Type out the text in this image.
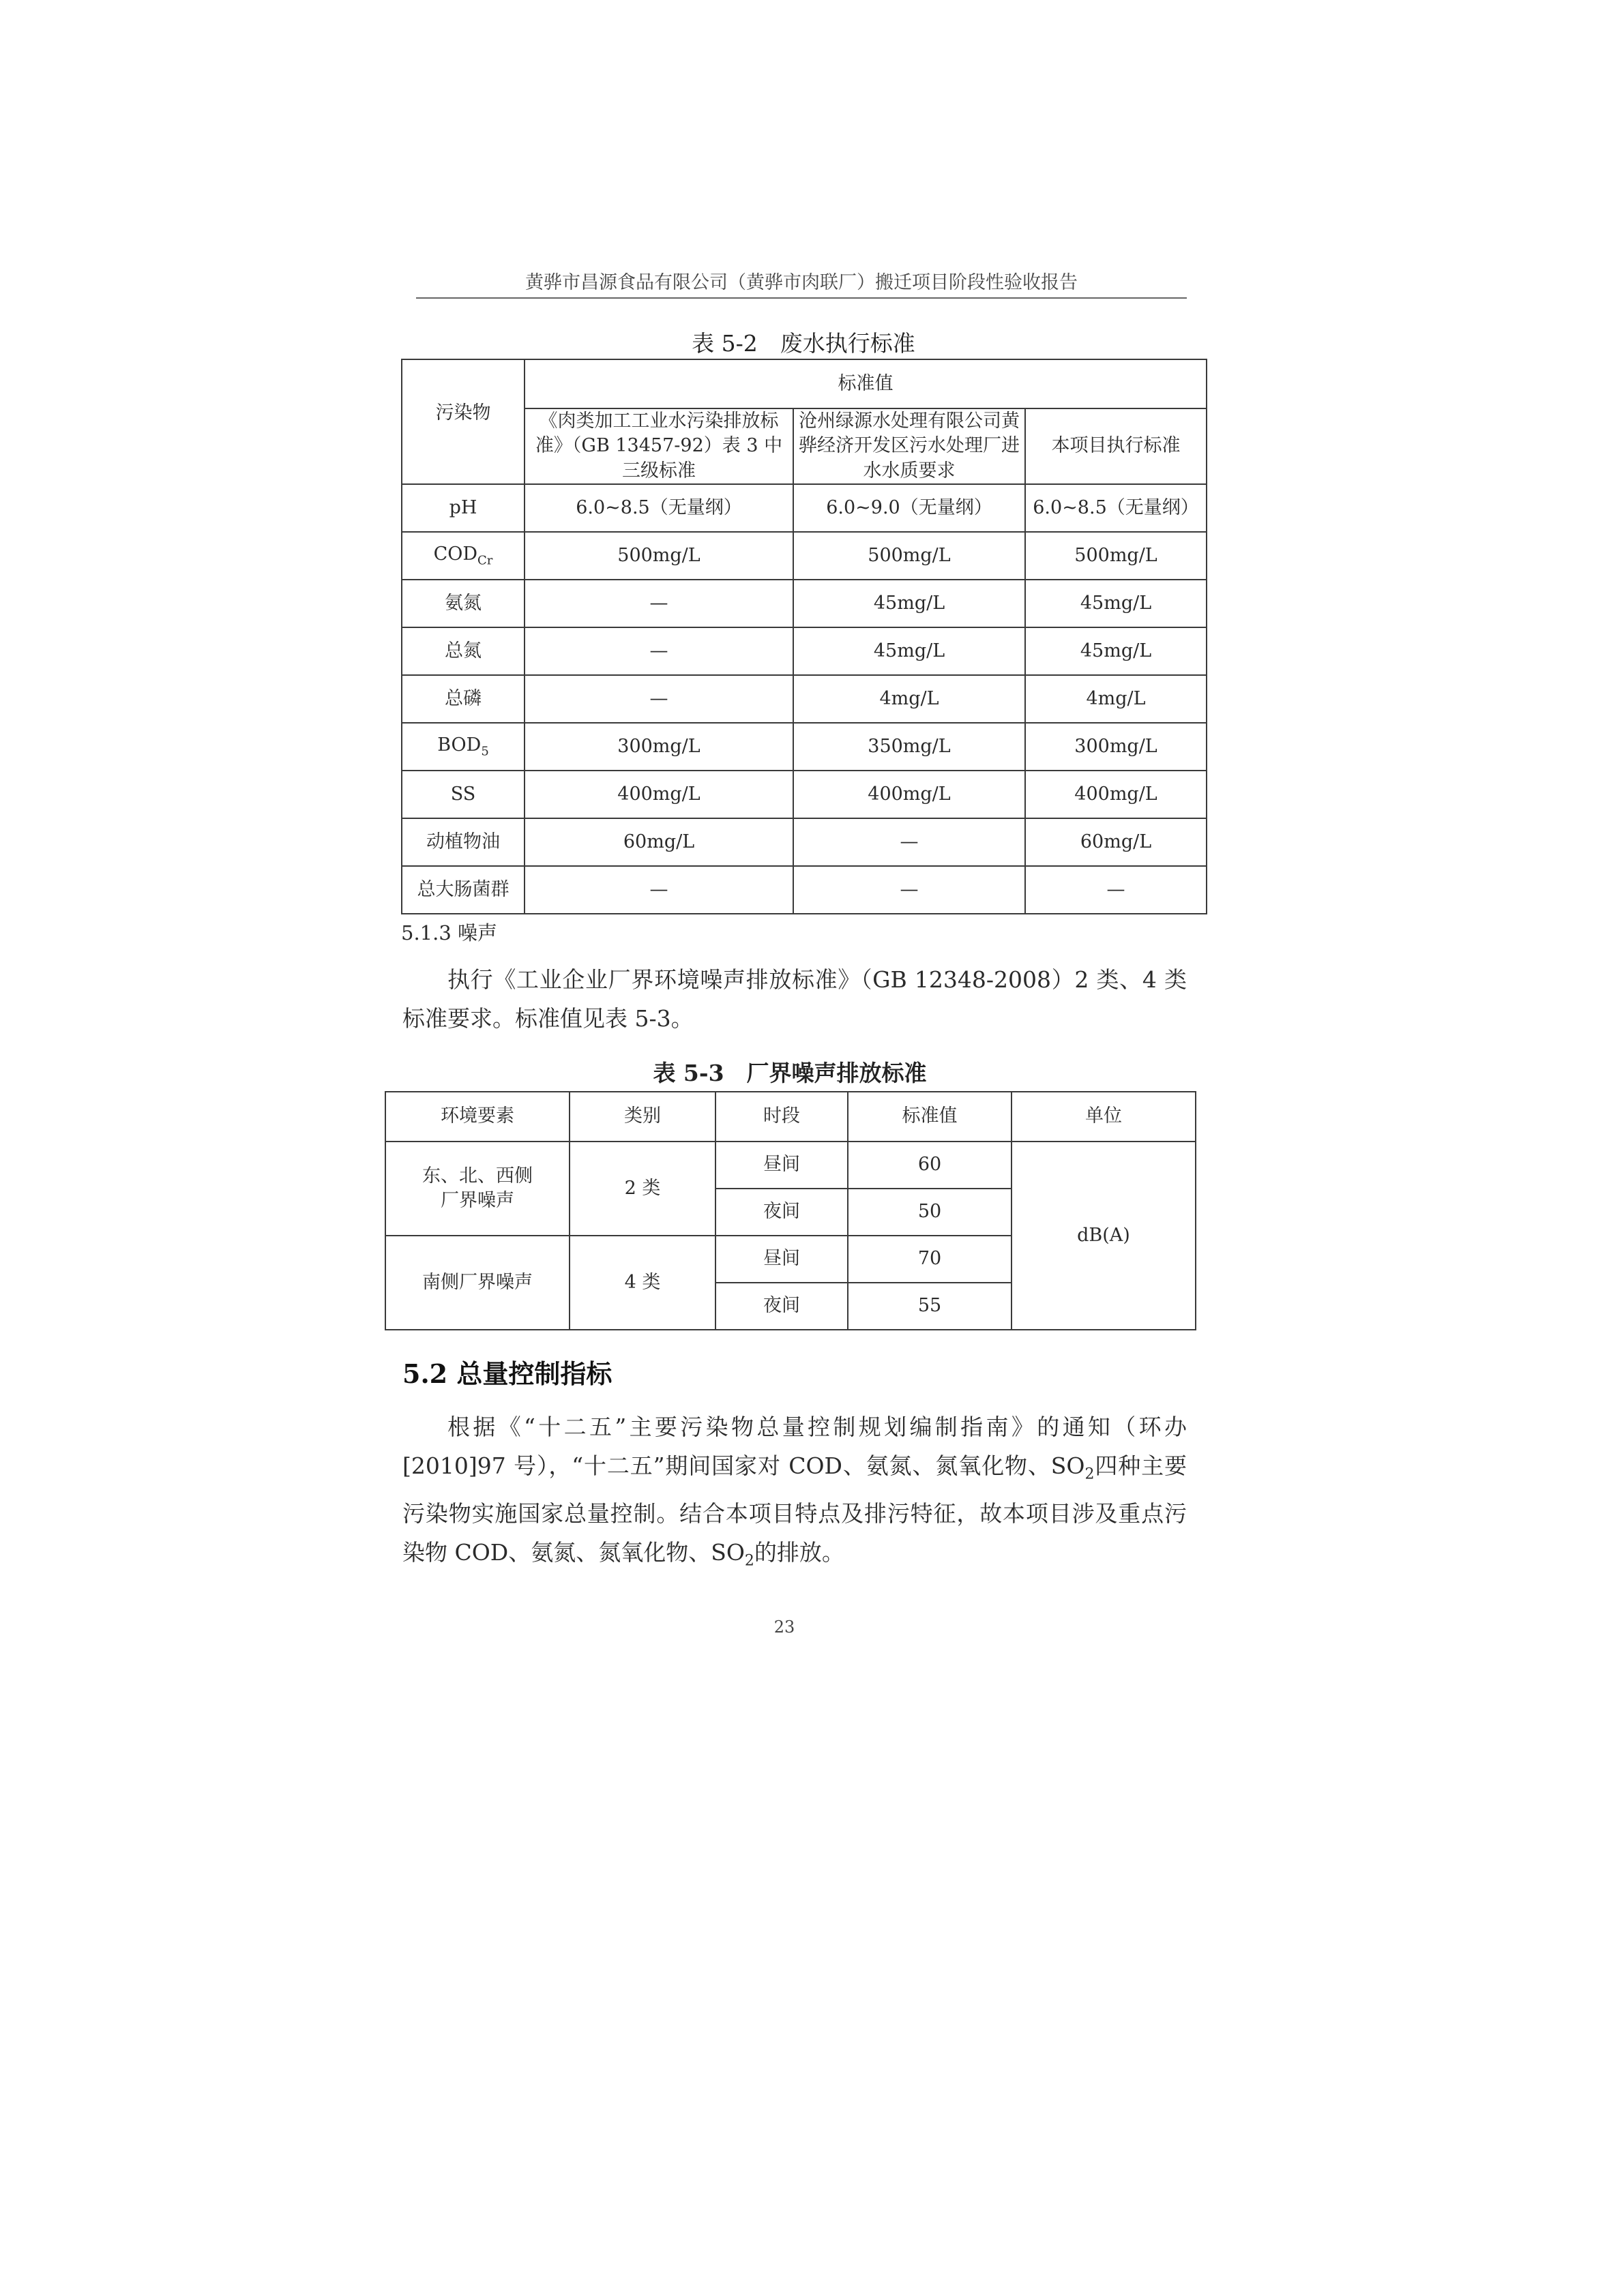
黄骅市昌源食品有限公司（黄骅市肉联厂）搬迁项目阶段性验收报告
表 5-2　废水执行标准
污染物	标准值		
	《肉类加工工业水污染排放标准》（GB 13457-92）表 3 中三级标准	沧州绿源水处理有限公司黄骅经济开发区污水处理厂进水水质要求	本项目执行标准
pH	6.0~8.5（无量纲）	6.0~9.0（无量纲）	6.0~8.5（无量纲）
$COD_{Cr}$	500mg/L	500mg/L	500mg/L
氨氮	—	45mg/L	45mg/L
总氮	—	45mg/L	45mg/L
总磷	—	4mg/L	4mg/L
$BOD_5$	300mg/L	350mg/L	300mg/L
SS	400mg/L	400mg/L	400mg/L
动植物油	60mg/L	—	60mg/L
总大肠菌群	—	—	—
5.1.3 噪声
执行《工业企业厂界环境噪声排放标准》（GB 12348-2008）2 类、4 类标准要求。标准值见表 5-3。
表 5-3　厂界噪声排放标准
环境要素	类别	时段	标准值	单位
东、北、西侧厂界噪声	2 类	昼间	60	dB(A)
		夜间	50	
南侧厂界噪声	4 类	昼间	70	
		夜间	55	
5.2 总量控制指标
根据《“十二五”主要污染物总量控制规划编制指南》的通知（环办[2010]97 号），“十二五”期间国家对 COD、氨氮、氮氧化物、$SO_2$四种主要污染物实施国家总量控制。结合本项目特点及排污特征，故本项目涉及重点污染物 COD、氨氮、氮氧化物、$SO_2$的排放。
23
